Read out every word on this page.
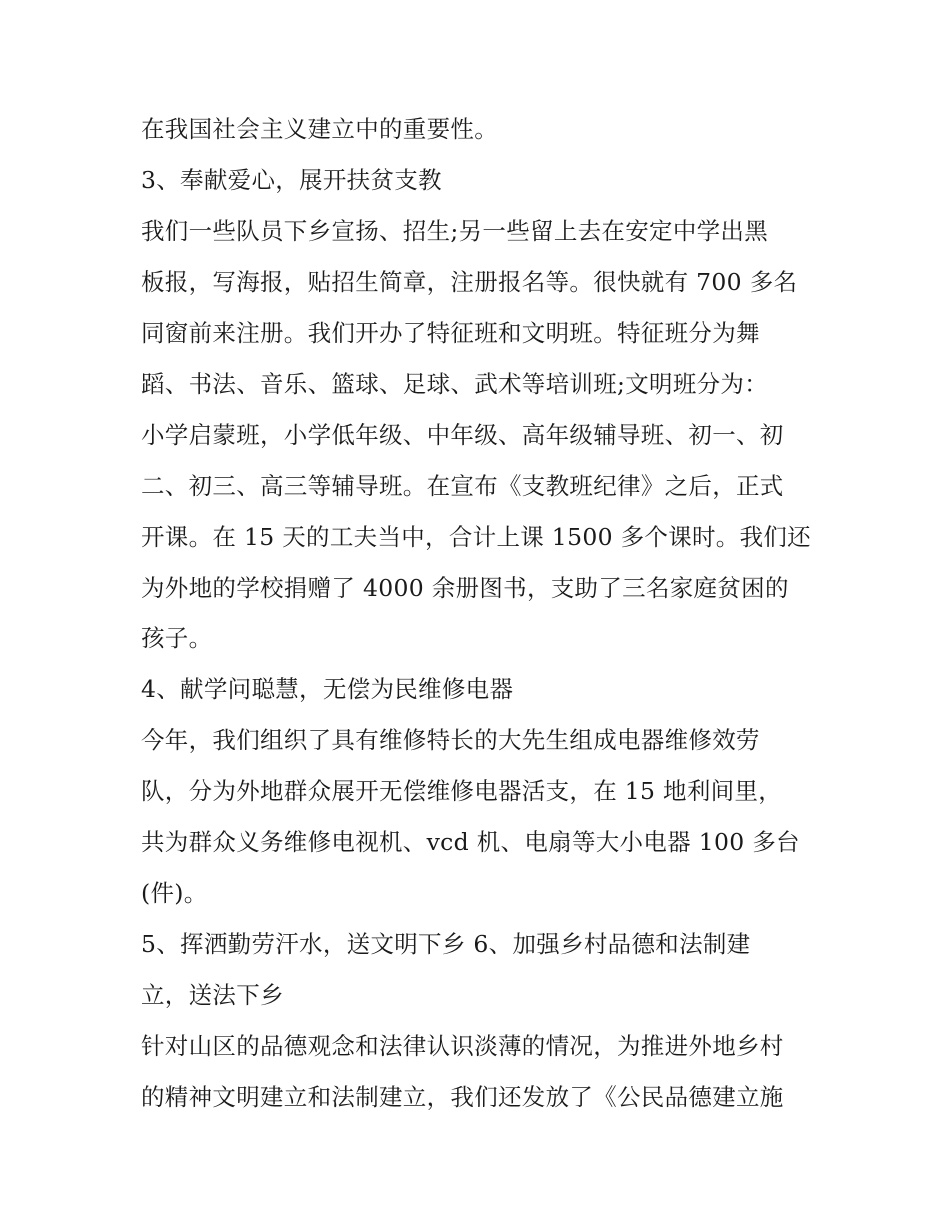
在我国社会主义建立中的重要性。
3、奉献爱心，展开扶贫支教
我们一些队员下乡宣扬、招生;另一些留上去在安定中学出黑
板报，写海报，贴招生简章，注册报名等。很快就有 700 多名
同窗前来注册。我们开办了特征班和文明班。特征班分为舞
蹈、书法、音乐、篮球、足球、武术等培训班;文明班分为：
小学启蒙班，小学低年级、中年级、高年级辅导班、初一、初
二、初三、高三等辅导班。在宣布《支教班纪律》之后，正式
开课。在 15 天的工夫当中，合计上课 1500 多个课时。我们还
为外地的学校捐赠了 4000 余册图书，支助了三名家庭贫困的
孩子。
4、献学问聪慧，无偿为民维修电器
今年，我们组织了具有维修特长的大先生组成电器维修效劳
队，分为外地群众展开无偿维修电器活支，在 15 地利间里，
共为群众义务维修电视机、vcd 机、电扇等大小电器 100 多台
(件)。
5、挥洒勤劳汗水，送文明下乡 6、加强乡村品德和法制建
立，送法下乡
针对山区的品德观念和法律认识淡薄的情况，为推进外地乡村
的精神文明建立和法制建立，我们还发放了《公民品德建立施
